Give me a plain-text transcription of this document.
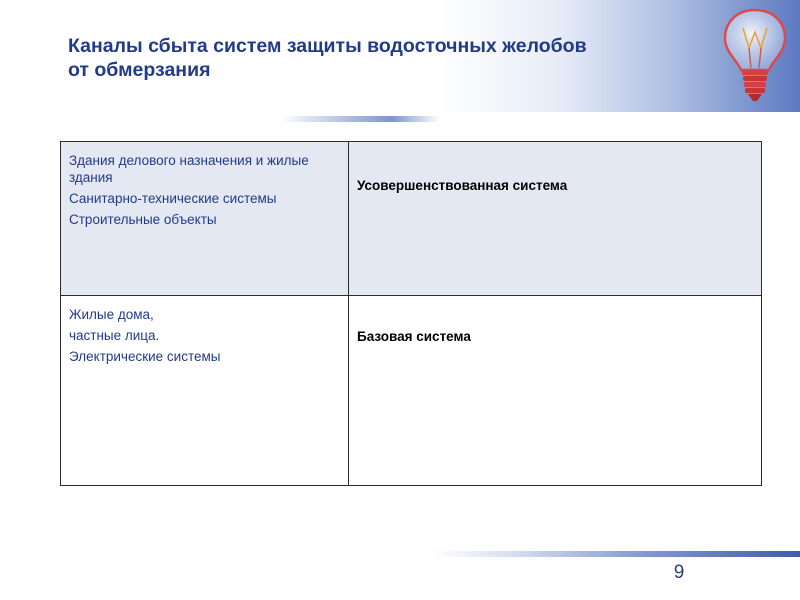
Каналы сбыта систем защиты водосточных желобов от обмерзания

Здания делового назначения и жилые здания

Санитарно-технические системы

Строительные объекты	Усовершенствованная система

Жилые дома,

частные лица.

Электрические системы	Базовая система
9
